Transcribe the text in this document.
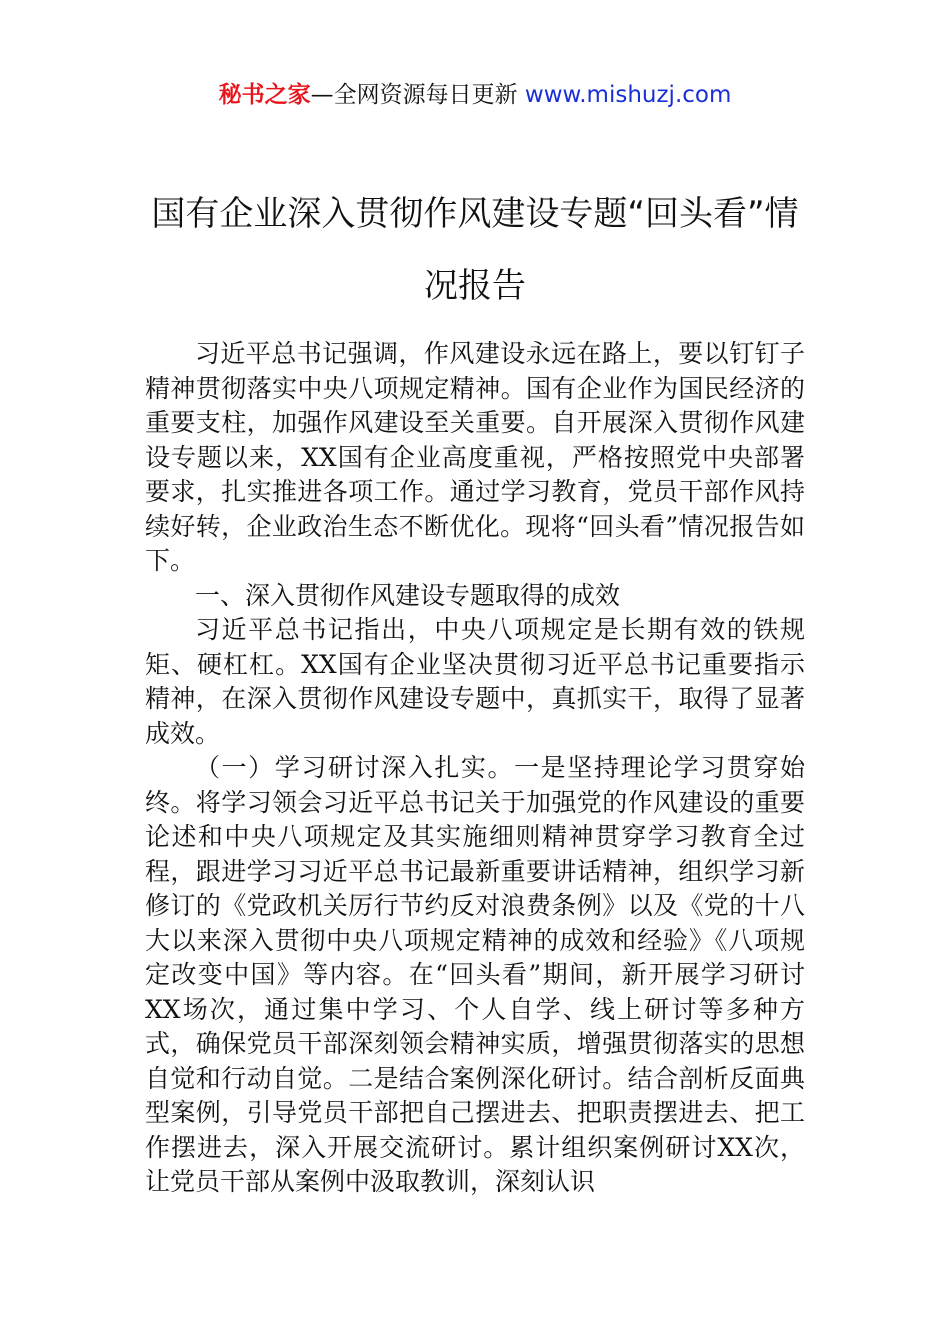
秘书之家—全网资源每日更新 www.mishuzj.com
国有企业深入贯彻作风建设专题“回头看”情况报告

习近平总书记强调，作风建设永远在路上，要以钉钉子精神贯彻落实中央八项规定精神。国有企业作为国民经济的重要支柱，加强作风建设至关重要。自开展深入贯彻作风建设专题以来，XX国有企业高度重视，严格按照党中央部署要求，扎实推进各项工作。通过学习教育，党员干部作风持续好转，企业政治生态不断优化。现将“回头看”情况报告如下。

一、深入贯彻作风建设专题取得的成效

习近平总书记指出，中央八项规定是长期有效的铁规矩、硬杠杠。XX国有企业坚决贯彻习近平总书记重要指示精神，在深入贯彻作风建设专题中，真抓实干，取得了显著成效。

（一）学习研讨深入扎实。一是坚持理论学习贯穿始终。将学习领会习近平总书记关于加强党的作风建设的重要论述和中央八项规定及其实施细则精神贯穿学习教育全过程，跟进学习习近平总书记最新重要讲话精神，组织学习新修订的《党政机关厉行节约反对浪费条例》以及《党的十八大以来深入贯彻中央八项规定精神的成效和经验》《八项规定改变中国》等内容。在“回头看”期间，新开展学习研讨XX场次，通过集中学习、个人自学、线上研讨等多种方式，确保党员干部深刻领会精神实质，增强贯彻落实的思想自觉和行动自觉。二是结合案例深化研讨。结合剖析反面典型案例，引导党员干部把自己摆进去、把职责摆进去、把工作摆进去，深入开展交流研讨。累计组织案例研讨XX次，让党员干部从案例中汲取教训，深刻认识
